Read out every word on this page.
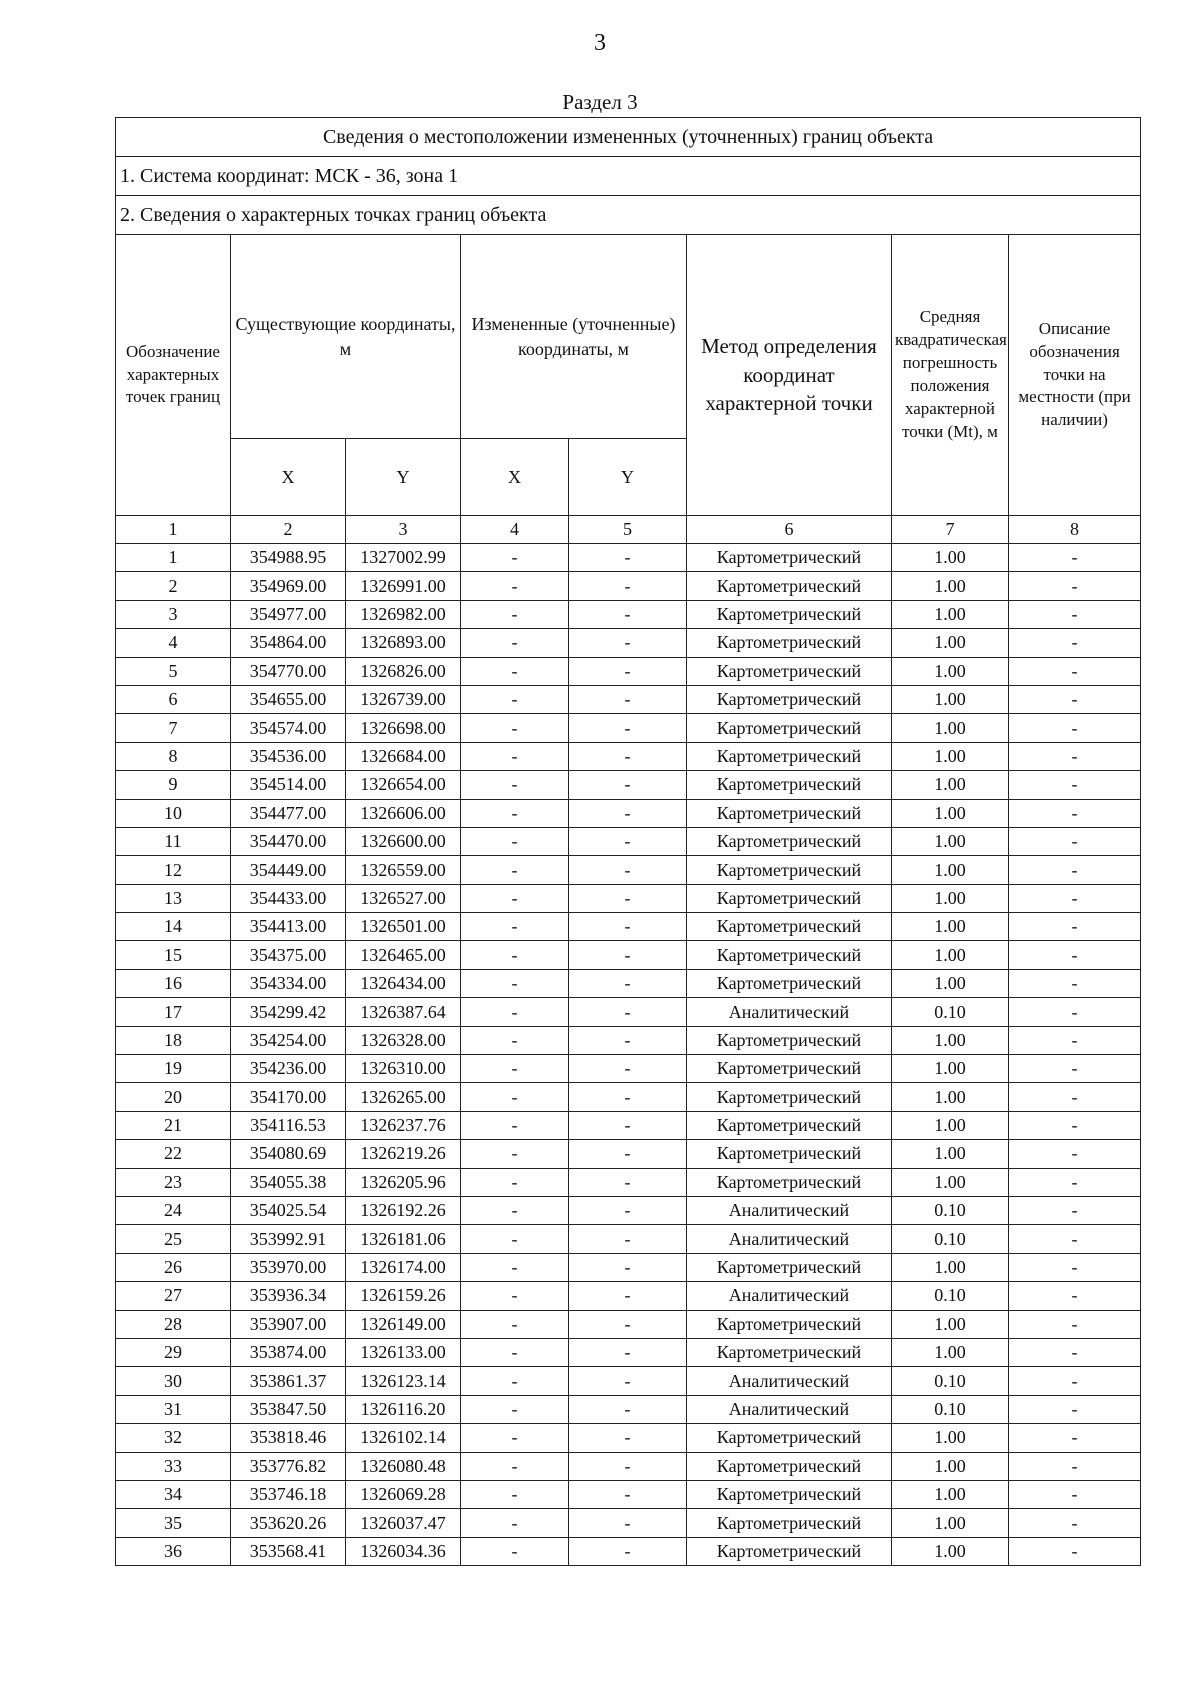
3
Раздел 3
Сведения о местоположении измененных (уточненных) границ объекта							
1. Система координат: МСК - 36, зона 1							
2. Сведения о характерных точках границ объекта							
Обозначение характерных точек границ	Существующие координаты, м		Измененные (уточненные) координаты, м		Метод определения координат характерной точки	Средняя квадратическая погрешность положения характерной точки (Mt), м	Описание обозначения точки на местности (при наличии)
	X	Y	X	Y			
1	2	3	4	5	6	7	8
1	354988.95	1327002.99	-	-	Картометрический	1.00	-
2	354969.00	1326991.00	-	-	Картометрический	1.00	-
3	354977.00	1326982.00	-	-	Картометрический	1.00	-
4	354864.00	1326893.00	-	-	Картометрический	1.00	-
5	354770.00	1326826.00	-	-	Картометрический	1.00	-
6	354655.00	1326739.00	-	-	Картометрический	1.00	-
7	354574.00	1326698.00	-	-	Картометрический	1.00	-
8	354536.00	1326684.00	-	-	Картометрический	1.00	-
9	354514.00	1326654.00	-	-	Картометрический	1.00	-
10	354477.00	1326606.00	-	-	Картометрический	1.00	-
11	354470.00	1326600.00	-	-	Картометрический	1.00	-
12	354449.00	1326559.00	-	-	Картометрический	1.00	-
13	354433.00	1326527.00	-	-	Картометрический	1.00	-
14	354413.00	1326501.00	-	-	Картометрический	1.00	-
15	354375.00	1326465.00	-	-	Картометрический	1.00	-
16	354334.00	1326434.00	-	-	Картометрический	1.00	-
17	354299.42	1326387.64	-	-	Аналитический	0.10	-
18	354254.00	1326328.00	-	-	Картометрический	1.00	-
19	354236.00	1326310.00	-	-	Картометрический	1.00	-
20	354170.00	1326265.00	-	-	Картометрический	1.00	-
21	354116.53	1326237.76	-	-	Картометрический	1.00	-
22	354080.69	1326219.26	-	-	Картометрический	1.00	-
23	354055.38	1326205.96	-	-	Картометрический	1.00	-
24	354025.54	1326192.26	-	-	Аналитический	0.10	-
25	353992.91	1326181.06	-	-	Аналитический	0.10	-
26	353970.00	1326174.00	-	-	Картометрический	1.00	-
27	353936.34	1326159.26	-	-	Аналитический	0.10	-
28	353907.00	1326149.00	-	-	Картометрический	1.00	-
29	353874.00	1326133.00	-	-	Картометрический	1.00	-
30	353861.37	1326123.14	-	-	Аналитический	0.10	-
31	353847.50	1326116.20	-	-	Аналитический	0.10	-
32	353818.46	1326102.14	-	-	Картометрический	1.00	-
33	353776.82	1326080.48	-	-	Картометрический	1.00	-
34	353746.18	1326069.28	-	-	Картометрический	1.00	-
35	353620.26	1326037.47	-	-	Картометрический	1.00	-
36	353568.41	1326034.36	-	-	Картометрический	1.00	-
